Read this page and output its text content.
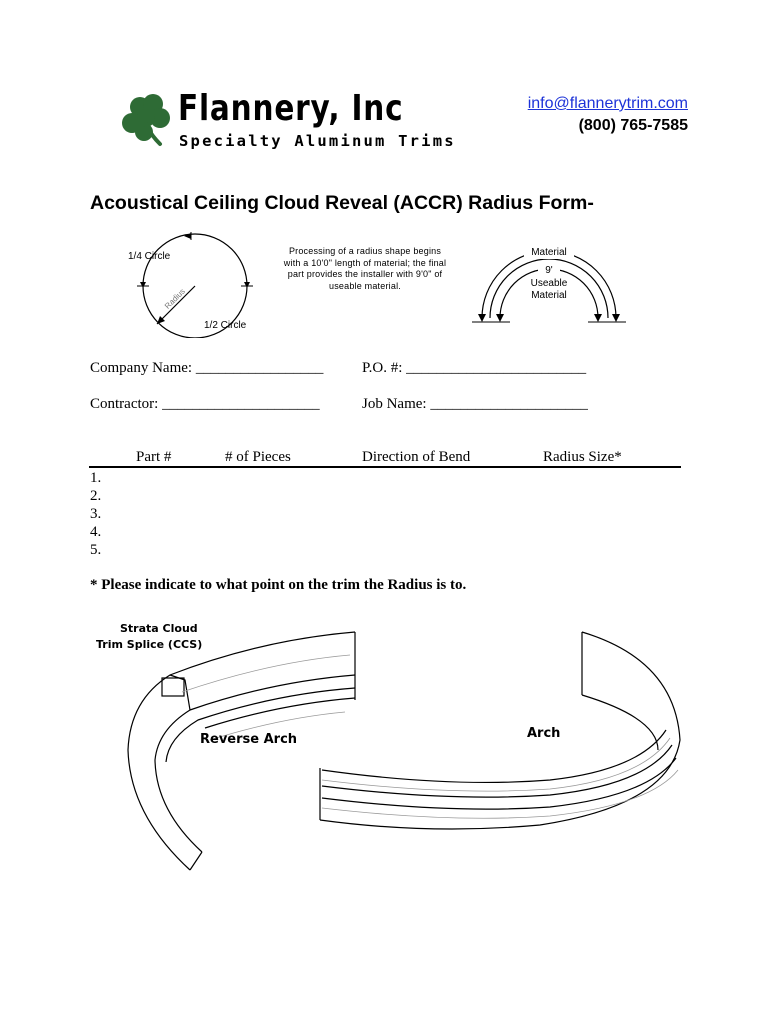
Flannery, Inc
Specialty Aluminum Trims
info@flannerytrim.com
(800) 765-7585
Acoustical Ceiling Cloud Reveal (ACCR) Radius Form-
1/4 Circle
1/2 Circle
Radius
Processing of a radius shape begins with a 10'0" length of material; the final part provides the installer with 9'0" of useable material.
Material
9'
Useable
Material
Company Name: _________________	P.O. #: ________________________
Contractor: _____________________	Job Name: _____________________
Part #	# of Pieces	Direction of Bend	Radius Size*
1.
2.
3.
4.
5.
* Please indicate to what point on the trim the Radius is to.
Strata Cloud
Trim Splice (CCS)
Reverse Arch	Arch
